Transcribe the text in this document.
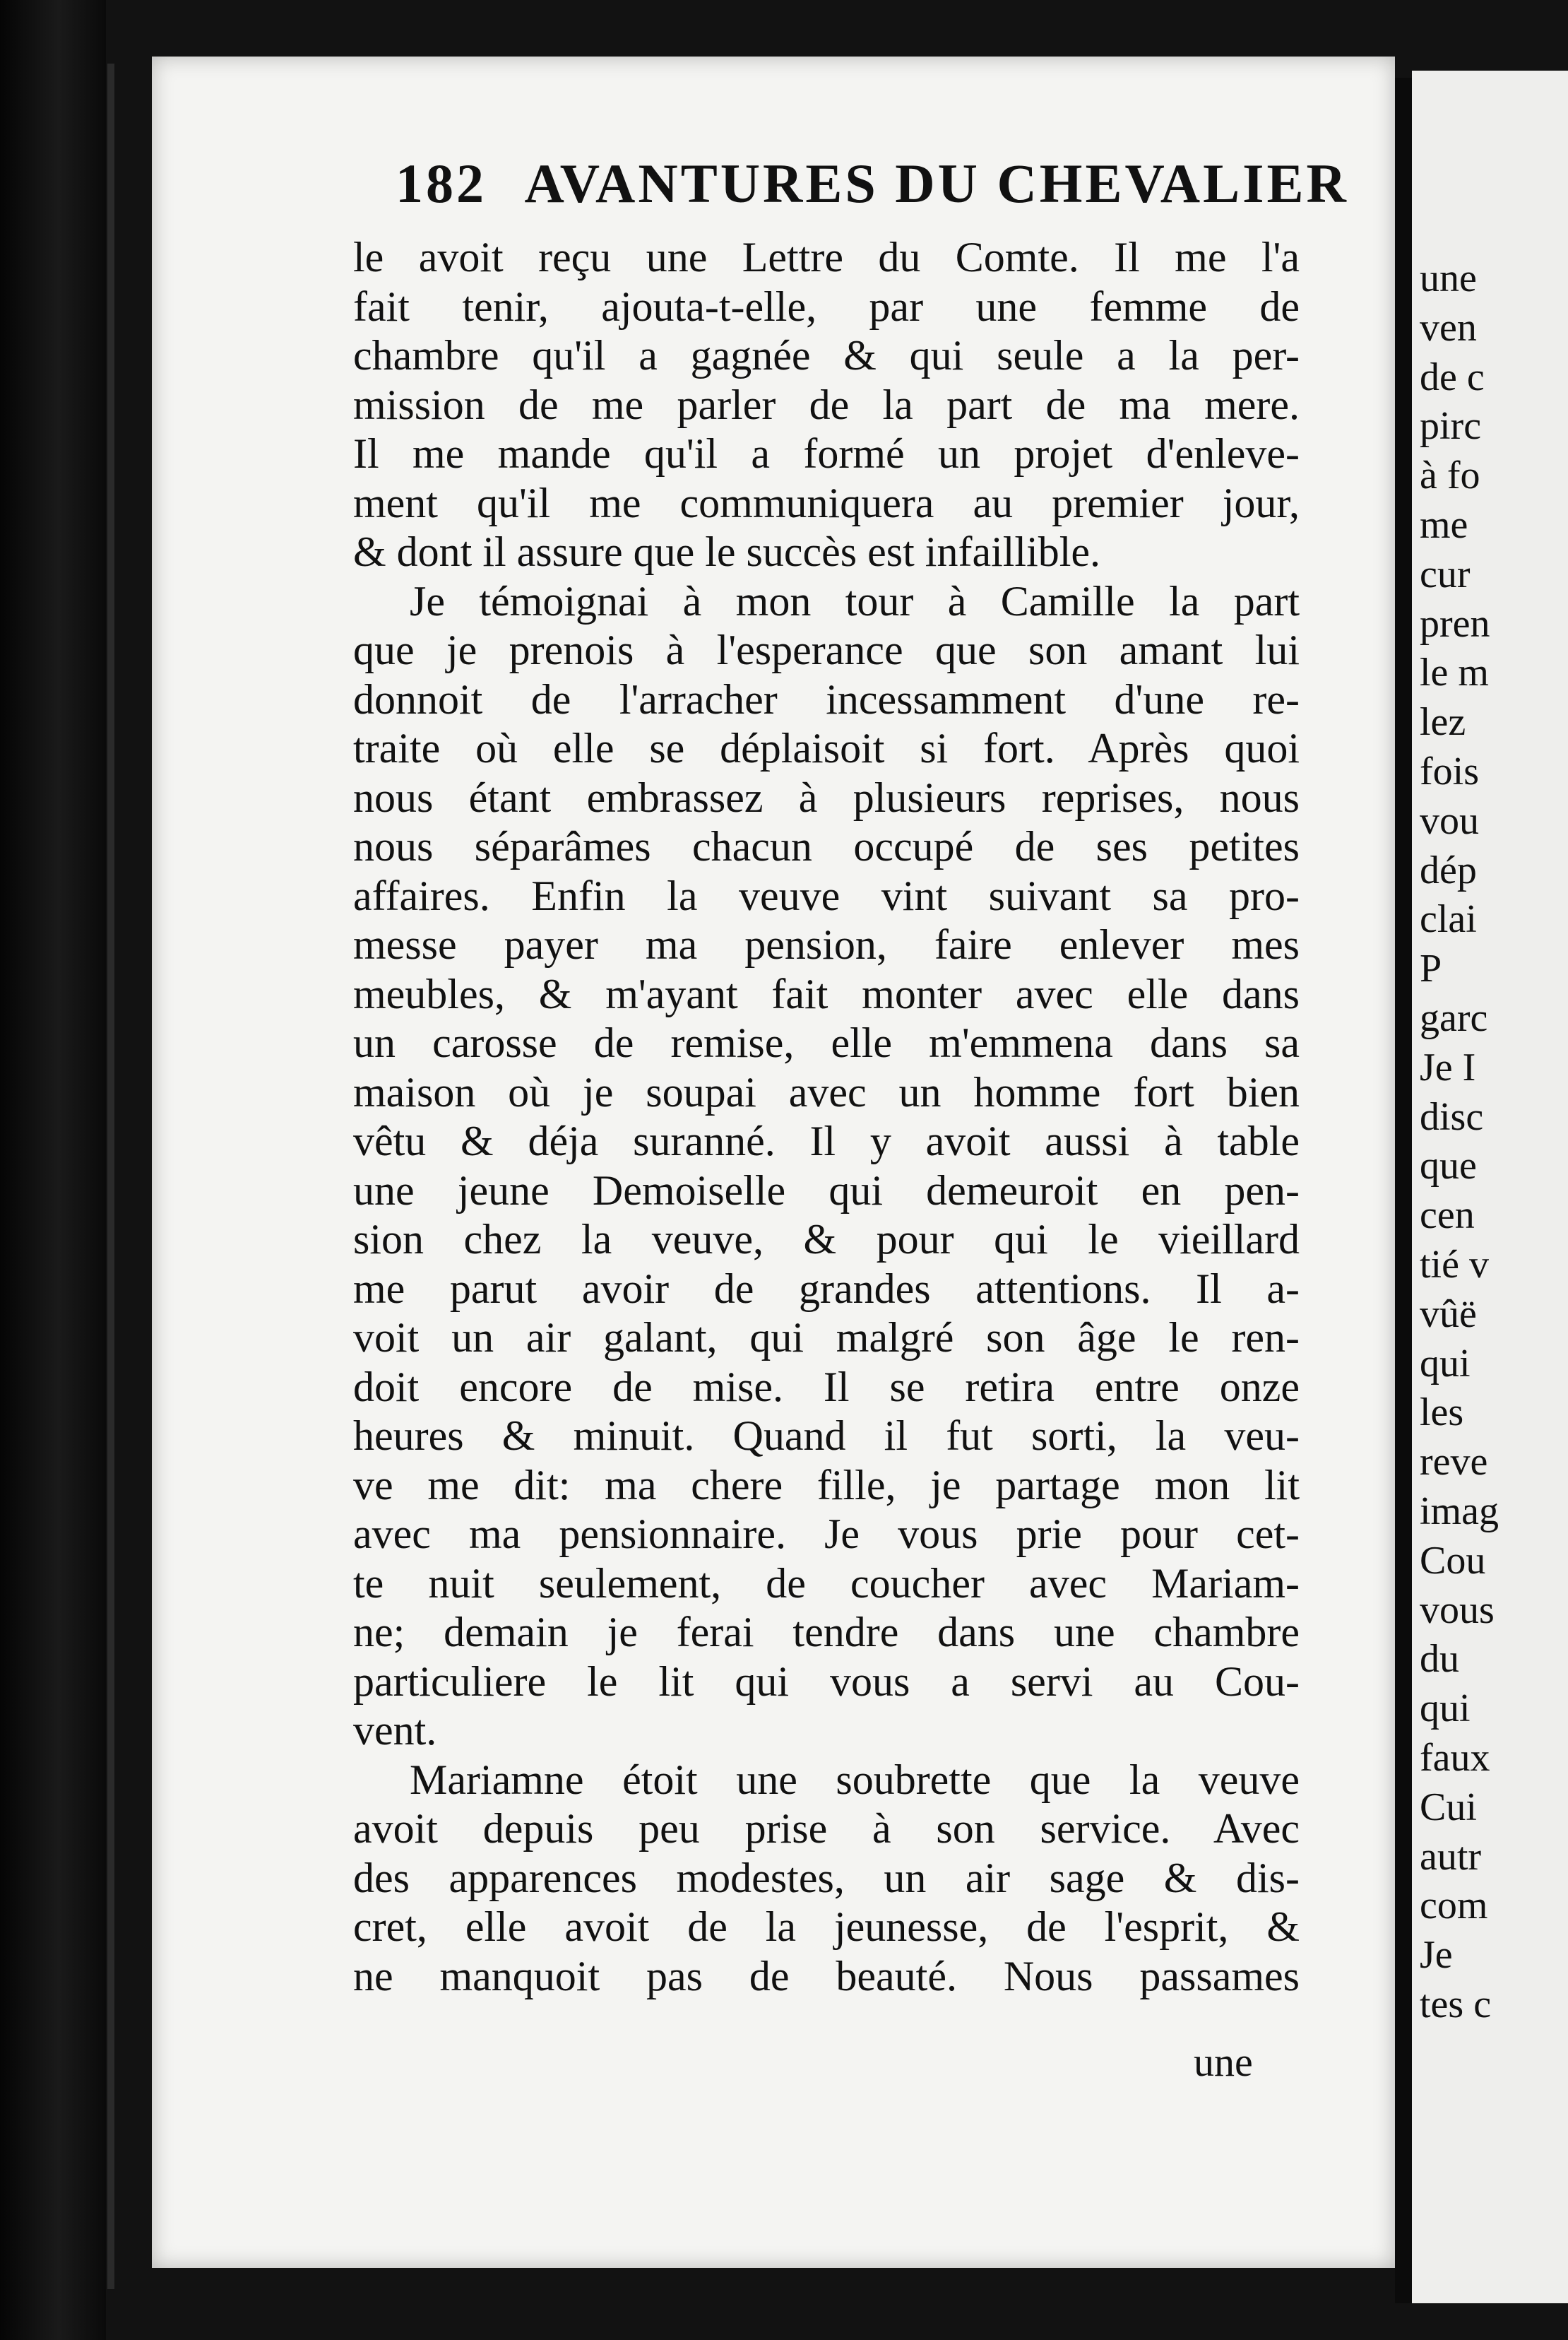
182 AVANTURES DU CHEVALIER
le avoit reçu une Lettre du Comte. Il me l'a
fait tenir, ajouta-t-elle, par une femme de
chambre qu'il a gagnée & qui seule a la per-
mission de me parler de la part de ma mere.
Il me mande qu'il a formé un projet d'enleve-
ment qu'il me communiquera au premier jour,
& dont il assure que le succès est infaillible.
Je témoignai à mon tour à Camille la part
que je prenois à l'esperance que son amant lui
donnoit de l'arracher incessamment d'une re-
traite où elle se déplaisoit si fort. Après quoi
nous étant embrassez à plusieurs reprises, nous
nous séparâmes chacun occupé de ses petites
affaires. Enfin la veuve vint suivant sa pro-
messe payer ma pension, faire enlever mes
meubles, & m'ayant fait monter avec elle dans
un carosse de remise, elle m'emmena dans sa
maison où je soupai avec un homme fort bien
vêtu & déja suranné. Il y avoit aussi à table
une jeune Demoiselle qui demeuroit en pen-
sion chez la veuve, & pour qui le vieillard
me parut avoir de grandes attentions. Il a-
voit un air galant, qui malgré son âge le ren-
doit encore de mise. Il se retira entre onze
heures & minuit. Quand il fut sorti, la veu-
ve me dit: ma chere fille, je partage mon lit
avec ma pensionnaire. Je vous prie pour cet-
te nuit seulement, de coucher avec Mariam-
ne; demain je ferai tendre dans une chambre
particuliere le lit qui vous a servi au Cou-
vent.
Mariamne étoit une soubrette que la veuve
avoit depuis peu prise à son service. Avec
des apparences modestes, un air sage & dis-
cret, elle avoit de la jeunesse, de l'esprit, &
ne manquoit pas de beauté. Nous passames
une
une
ven
de c
pirc
à fo
me
cur
pren
le m
lez
fois
vou
dép
clai
P
garc
Je I
disc
que
cen
tié v
vûë
qui
les
reve
imag
Cou
vous
du
qui
faux
Cui
autr
com
Je
tes c
